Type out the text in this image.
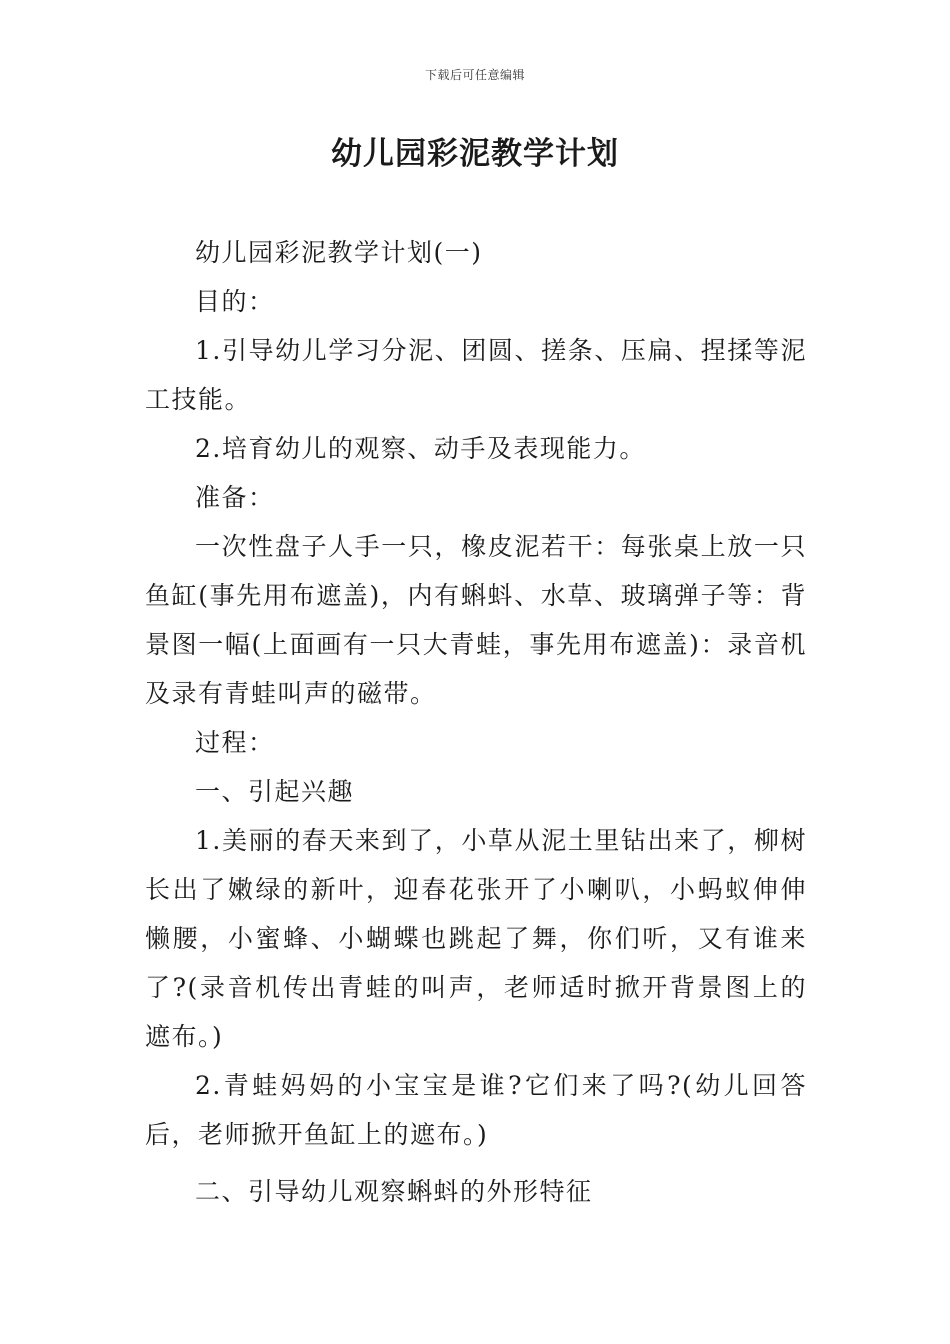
下载后可任意编辑
幼儿园彩泥教学计划

幼儿园彩泥教学计划(一)

目的：

1.引导幼儿学习分泥、团圆、搓条、压扁、捏揉等泥工技能。

2.培育幼儿的观察、动手及表现能力。

准备：

一次性盘子人手一只，橡皮泥若干：每张桌上放一只鱼缸(事先用布遮盖)，内有蝌蚪、水草、玻璃弹子等：背景图一幅(上面画有一只大青蛙，事先用布遮盖)：录音机及录有青蛙叫声的磁带。

过程：

一、引起兴趣

1.美丽的春天来到了，小草从泥土里钻出来了，柳树长出了嫩绿的新叶，迎春花张开了小喇叭，小蚂蚁伸伸懒腰，小蜜蜂、小蝴蝶也跳起了舞，你们听，又有谁来了?(录音机传出青蛙的叫声，老师适时掀开背景图上的遮布。)

2.青蛙妈妈的小宝宝是谁?它们来了吗?(幼儿回答后，老师掀开鱼缸上的遮布。)

二、引导幼儿观察蝌蚪的外形特征
